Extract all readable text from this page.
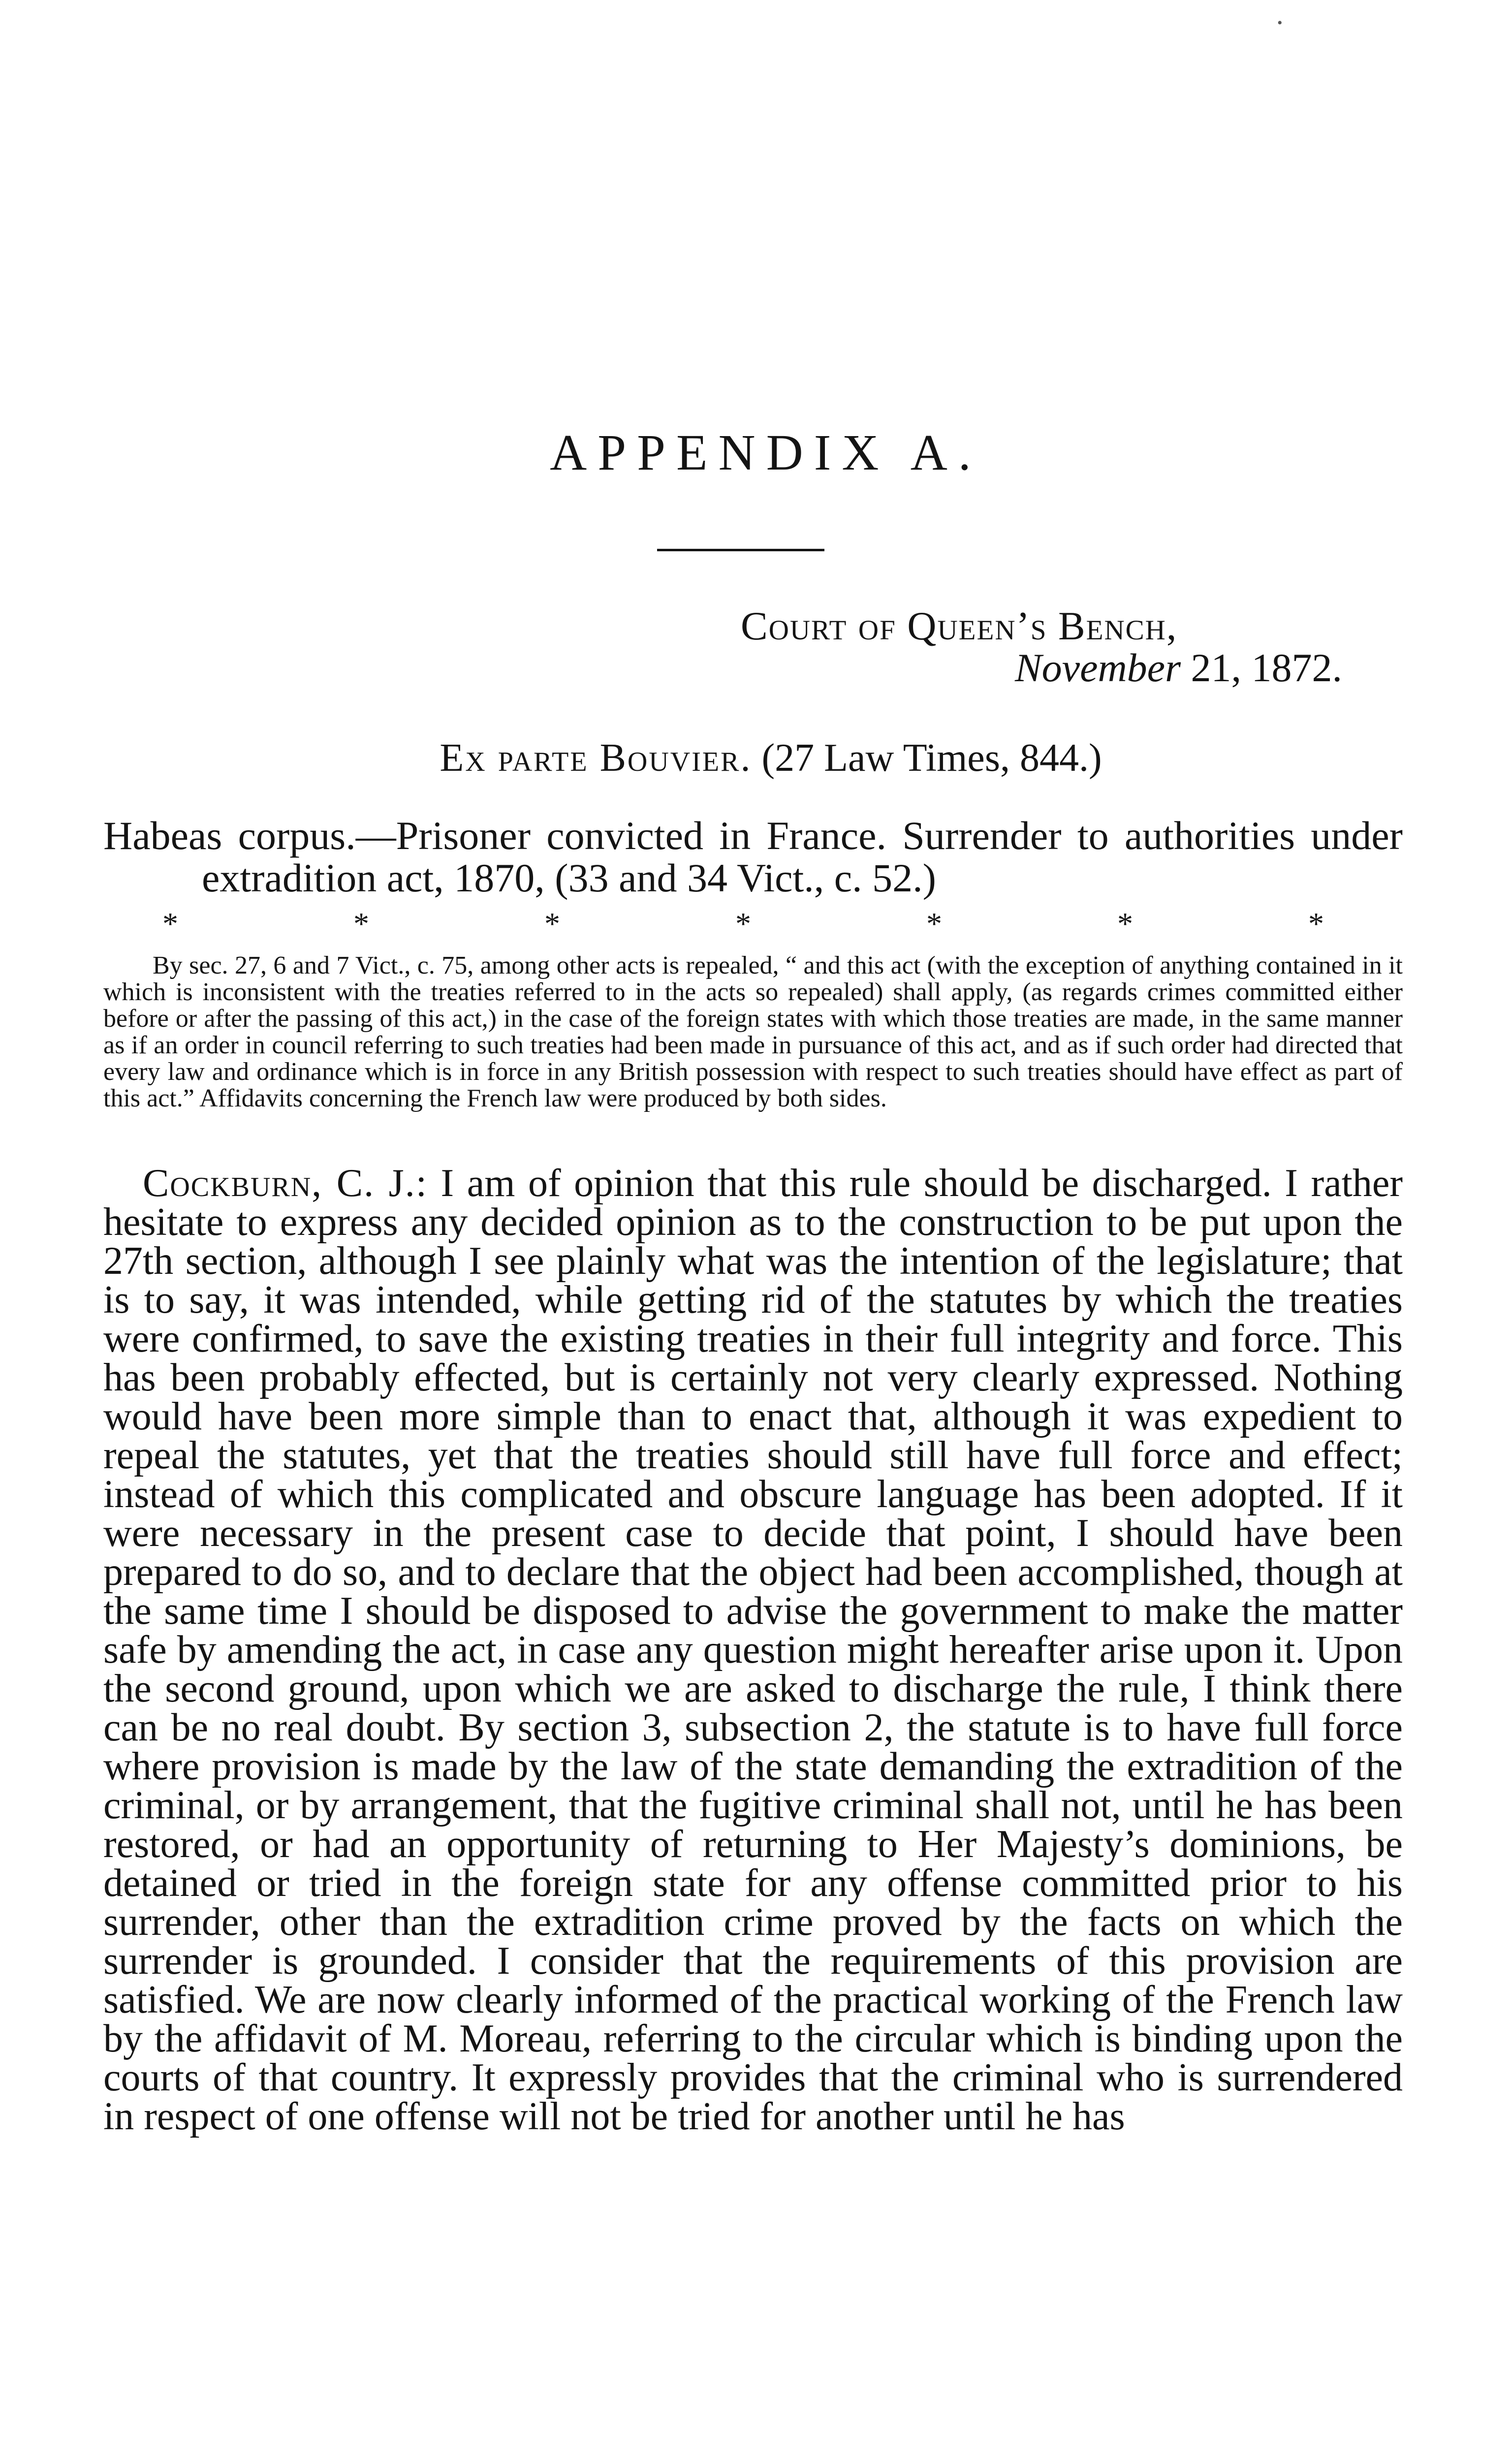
•
APPENDIX A.
Court of Queen’s Bench,
November 21, 1872.
Ex parte Bouvier. (27 Law Times, 844.)

Habeas corpus.—Prisoner convicted in France. Surrender to authorities under extradition act, 1870, (33 and 34 Vict., c. 52.)

*	*	*	*	*	*	*

By sec. 27, 6 and 7 Vict., c. 75, among other acts is repealed, “ and this act (with the exception of anything contained in it which is inconsistent with the treaties referred to in the acts so repealed) shall apply, (as regards crimes committed either before or after the passing of this act,) in the case of the foreign states with which those treaties are made, in the same manner as if an order in council referring to such treaties had been made in pursuance of this act, and as if such order had directed that every law and ordinance which is in force in any British possession with respect to such treaties should have effect as part of this act.” Affidavits concerning the French law were produced by both sides.

Cockburn, C. J.: I am of opinion that this rule should be discharged. I rather hesitate to express any decided opinion as to the construction to be put upon the 27th section, although I see plainly what was the intention of the legislature; that is to say, it was intended, while getting rid of the statutes by which the treaties were confirmed, to save the existing treaties in their full integrity and force. This has been probably effected, but is certainly not very clearly expressed. Nothing would have been more simple than to enact that, although it was expedient to repeal the statutes, yet that the treaties should still have full force and effect; instead of which this complicated and obscure language has been adopted. If it were necessary in the present case to decide that point, I should have been prepared to do so, and to declare that the object had been accomplished, though at the same time I should be disposed to advise the government to make the matter safe by amending the act, in case any question might hereafter arise upon it. Upon the second ground, upon which we are asked to discharge the rule, I think there can be no real doubt. By section 3, subsection 2, the statute is to have full force where provision is made by the law of the state demanding the extradition of the criminal, or by arrangement, that the fugitive criminal shall not, until he has been restored, or had an opportunity of returning to Her Majesty’s dominions, be detained or tried in the foreign state for any offense committed prior to his surrender, other than the extradition crime proved by the facts on which the surrender is grounded. I consider that the requirements of this provision are satisfied. We are now clearly informed of the practical working of the French law by the affidavit of M. Moreau, referring to the circular which is binding upon the courts of that country. It expressly provides that the criminal who is surrendered in respect of one offense will not be tried for another until he has
